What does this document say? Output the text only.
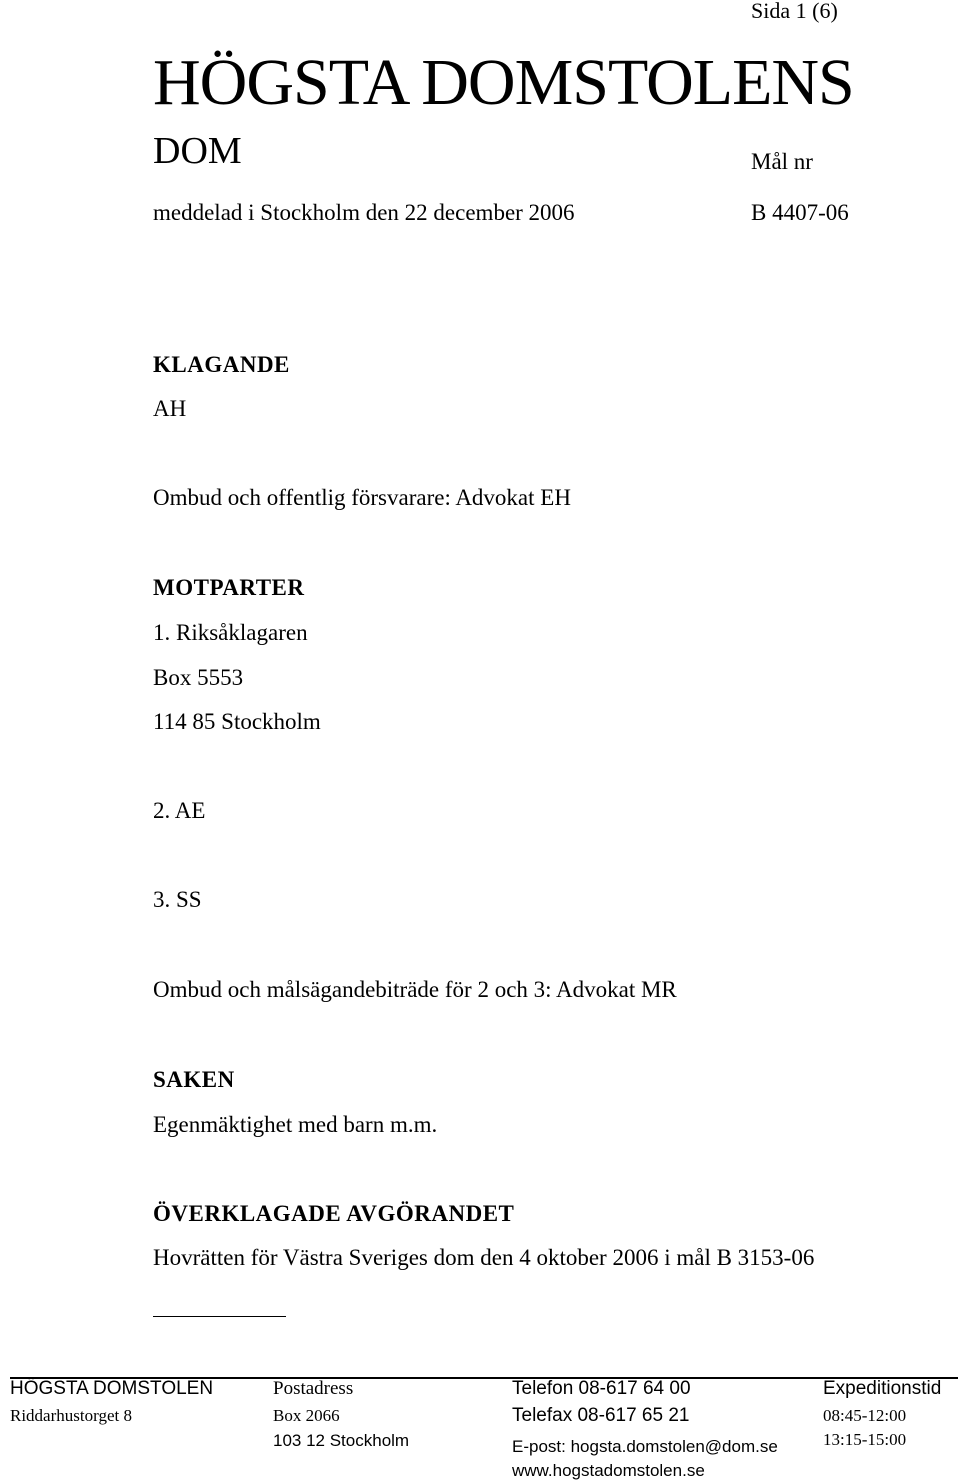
Sida 1 (6)
HÖGSTA DOMSTOLENS
DOM	Mål nr
meddelad i Stockholm den 22 december 2006	B 4407-06
KLAGANDE
AH
Ombud och offentlig försvarare: Advokat EH
MOTPARTER
1. Riksåklagaren
Box 5553
114 85 Stockholm
2. AE
3. SS
Ombud och målsägandebiträde för 2 och 3: Advokat MR
SAKEN
Egenmäktighet med barn m.m.
ÖVERKLAGADE AVGÖRANDET
Hovrätten för Västra Sveriges dom den 4 oktober 2006 i mål B 3153-06
HÖGSTA DOMSTOLEN
Riddarhustorget 8
Postadress
Box 2066
103 12 Stockholm
Telefon 08-617 64 00
Telefax 08-617 65 21
E-post: hogsta.domstolen@dom.se
www.hogstadomstolen.se
Expeditionstid
08:45-12:00
13:15-15:00
